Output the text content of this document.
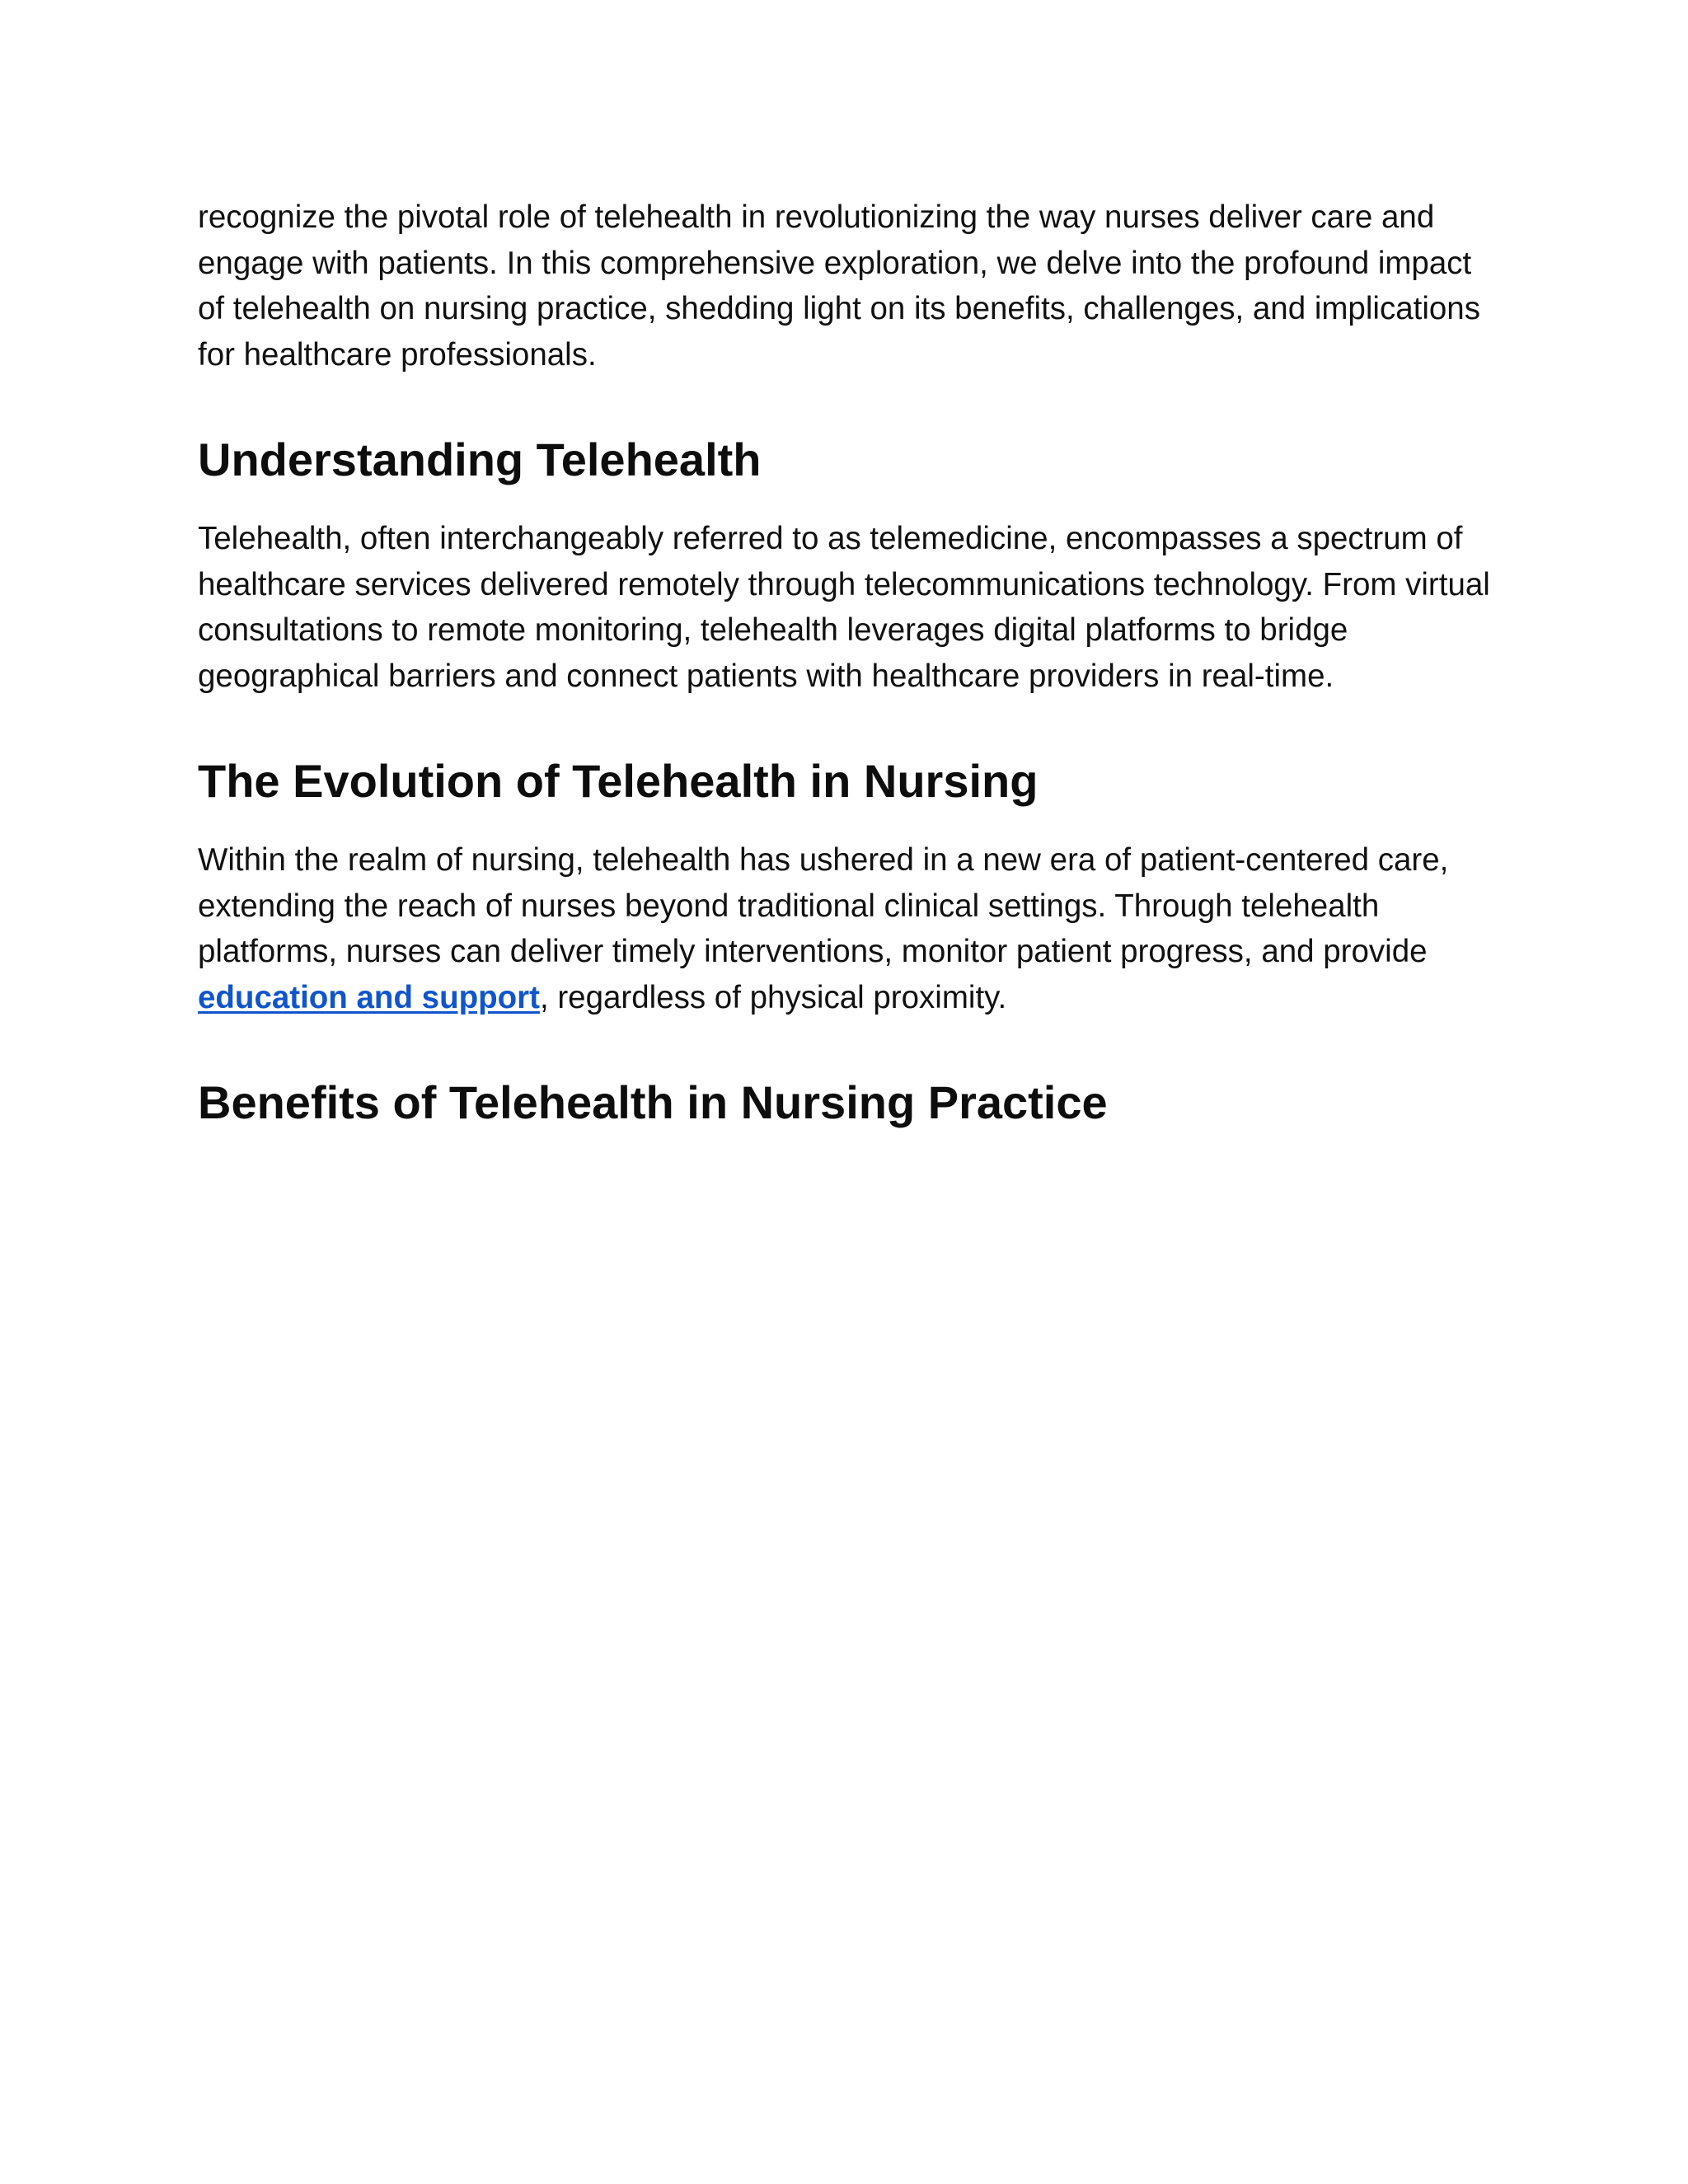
recognize the pivotal role of telehealth in revolutionizing the way nurses deliver care and engage with patients. In this comprehensive exploration, we delve into the profound impact of telehealth on nursing practice, shedding light on its benefits, challenges, and implications for healthcare professionals.

Understanding Telehealth

Telehealth, often interchangeably referred to as telemedicine, encompasses a spectrum of healthcare services delivered remotely through telecommunications technology. From virtual consultations to remote monitoring, telehealth leverages digital platforms to bridge geographical barriers and connect patients with healthcare providers in real-time.

The Evolution of Telehealth in Nursing

Within the realm of nursing, telehealth has ushered in a new era of patient-centered care, extending the reach of nurses beyond traditional clinical settings. Through telehealth platforms, nurses can deliver timely interventions, monitor patient progress, and provide education and support, regardless of physical proximity.

Benefits of Telehealth in Nursing Practice
